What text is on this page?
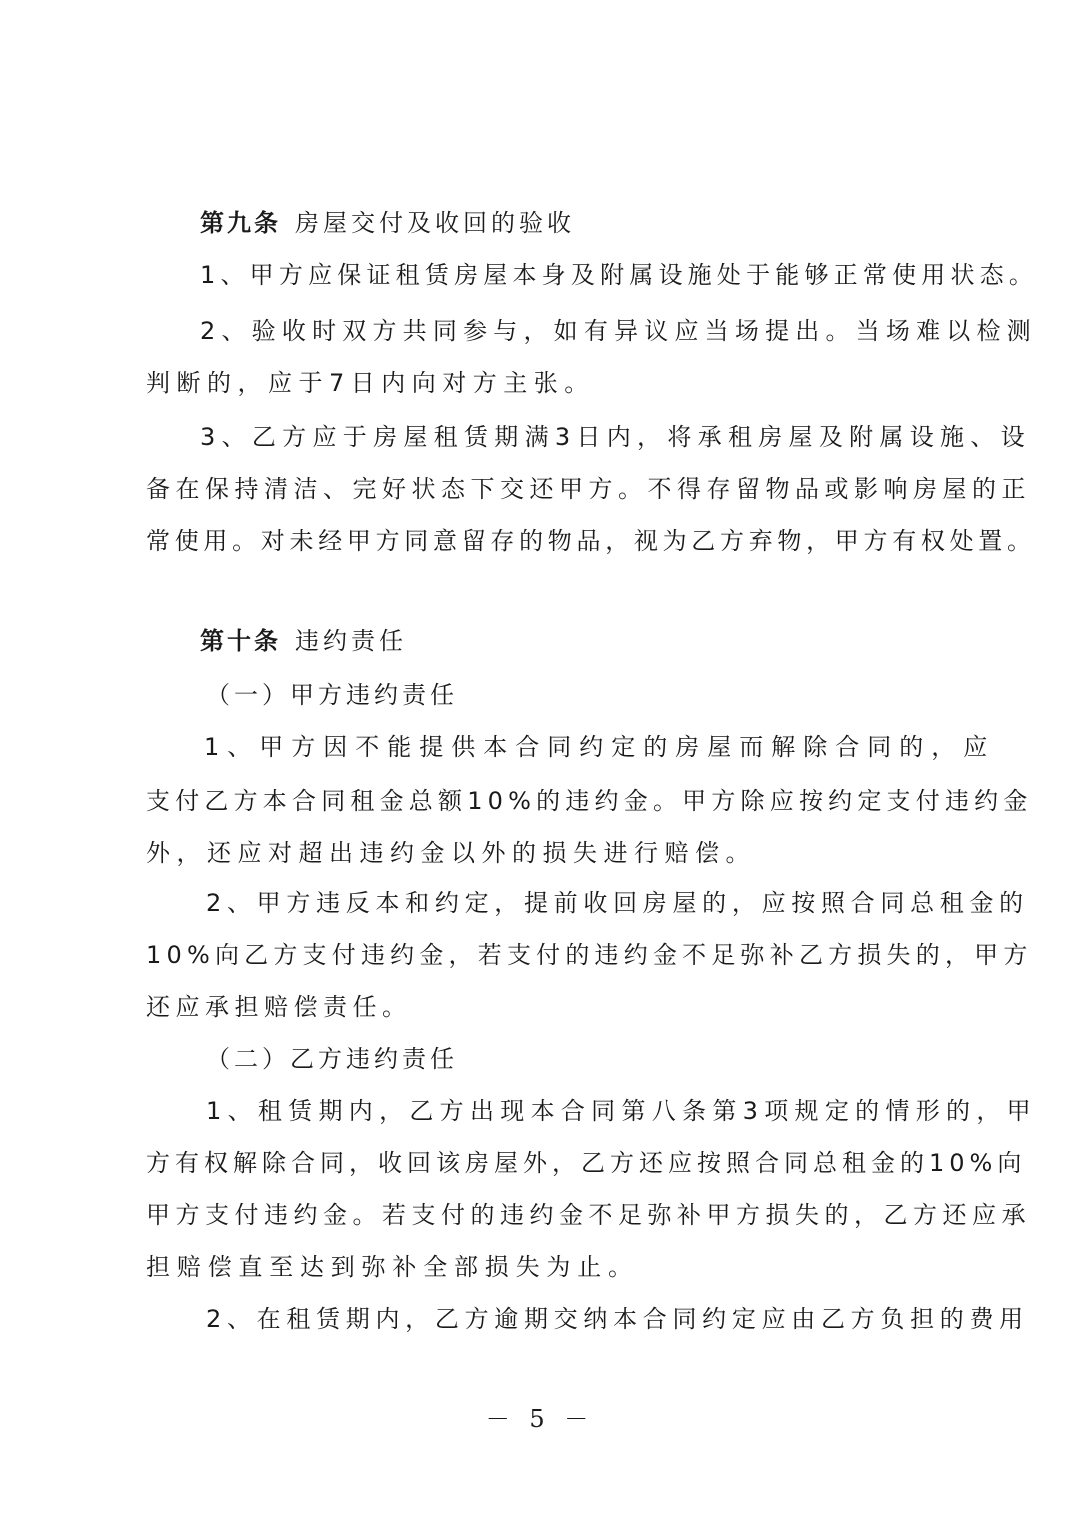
第九条 房屋交付及收回的验收

1、甲方应保证租赁房屋本身及附属设施处于能够正常使用状态。

2、验收时双方共同参与，如有异议应当场提出。当场难以检测

判断的，应于7日内向对方主张。

3、乙方应于房屋租赁期满3日内，将承租房屋及附属设施、设

备在保持清洁、完好状态下交还甲方。不得存留物品或影响房屋的正

常使用。对未经甲方同意留存的物品，视为乙方弃物，甲方有权处置。

第十条 违约责任

（一）甲方违约责任

1、甲方因不能提供本合同约定的房屋而解除合同的，应

支付乙方本合同租金总额10%的违约金。甲方除应按约定支付违约金

外，还应对超出违约金以外的损失进行赔偿。

2、甲方违反本和约定，提前收回房屋的，应按照合同总租金的

10%向乙方支付违约金，若支付的违约金不足弥补乙方损失的，甲方

还应承担赔偿责任。

（二）乙方违约责任

1、租赁期内，乙方出现本合同第八条第3项规定的情形的，甲

方有权解除合同，收回该房屋外，乙方还应按照合同总租金的10%向

甲方支付违约金。若支付的违约金不足弥补甲方损失的，乙方还应承

担赔偿直至达到弥补全部损失为止。

2、在租赁期内，乙方逾期交纳本合同约定应由乙方负担的费用

－ 5 －
